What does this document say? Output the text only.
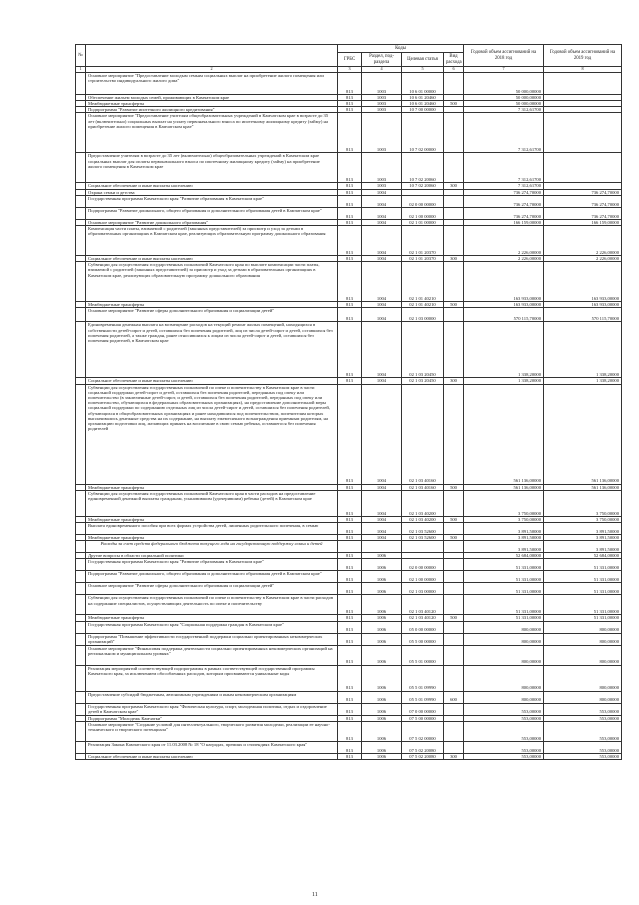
№		Коды				Годовой объем ассигнований на 2018 год	Годовой объем ассигнований на 2019 год
		ГРБС	Раздел, под-раздела	Целевая статья	Вид расхода		
1	2	3	4	5	6	7	8
	Основное мероприятие "Предоставление молодым семьям социальных выплат на приобретение жилого помещения или строительство индивидуального жилого дома"	813	1003	10 6 01 00000		50 000,00000	
	Обеспечение жильем молодых семей, проживающих в Камчатском крае	813	1003	10 6 01 20460		50 000,00000	
	Межбюджетные трансферты	813	1003	10 6 01 20460	500	50 000,00000	
	Подпрограмма "Развитие ипотечного жилищного кредитования"	813	1003	10 7 00 00000		7 312,61700	
	Основное мероприятие "Предоставление учителям общеобразовательных учреждений в Камчатском крае в возрасте до 35 лет (включительно) социальных выплат на уплату первоначального взноса по ипотечному жилищному кредиту (займу) на приобретение жилого помещения в Камчатском крае"	813	1003	10 7 02 00000		7 312,61700	
	Предоставление учителям в возрасте до 35 лет (включительно) общеобразовательных учреждений в Камчатском крае социальных выплат для оплаты первоначального взноса по ипотечному жилищному кредиту (займу) на приобретение жилого помещения в Камчатском крае	813	1003	10 7 02 20060		7 312,61700	
	Социальное обеспечение и иные выплаты населению	813	1003	10 7 02 20060	300	7 312,61700	
	Охрана семьи и детства	813	1004			736 274,70000	736 274,70000
	Государственная программа Камчатского края "Развитие образования в Камчатском крае"	813	1004	02 0 00 00000		736 274,70000	736 274,70000
	Подпрограмма "Развитие дошкольного, общего образования и дополнительного образования детей в Камчатском крае"	813	1004	02 1 00 00000		736 274,70000	736 274,70000
	Основное мероприятие "Развитие дошкольного образования"	813	1004	02 1 01 00000		166 159,00000	166 159,00000
	Компенсация части платы, взимаемой с родителей (законных представителей) за присмотр и уход за детьми в образовательных организациях в Камчатском крае, реализующих образовательную программу дошкольного образования	813	1004	02 1 01 20370		2 226,00000	2 226,00000
	Социальное обеспечение и иные выплаты населению	813	1004	02 1 01 20370	300	2 226,00000	2 226,00000
	Субвенции для осуществления государственных полномочий Камчатского края по выплате компенсации части платы, взимаемой с родителей (законных представителей) за присмотр и уход за детьми в образовательных организациях в Камчатском крае, реализующих образовательную программу дошкольного образования	813	1004	02 1 01 40210		163 933,00000	163 933,00000
	Межбюджетные трансферты	813	1004	02 1 01 40210	500	163 933,00000	163 933,00000
	Основное мероприятие "Развитие сферы дополнительного образования и социализации детей"	813	1004	02 1 03 00000		570 115,70000	570 115,70000
	Единовременная денежная выплата на возмещение расходов на текущий ремонт жилых помещений, находящихся в собственности детей-сирот и детей, оставшихся без попечения родителей, лиц из числа детей-сирот и детей, оставшихся без попечения родителей, а также граждан, ранее относившихся к лицам из числа детей-сирот и детей, оставшихся без попечения родителей, в Камчатском крае	813	1004	02 1 03 20450		1 338,20000	1 338,20000
	Социальное обеспечение и иные выплаты населению	813	1004	02 1 03 20450	300	1 338,20000	1 338,20000
	Субвенции для осуществления государственных полномочий по опеке и попечительству в Камчатском крае в части социальной поддержки детей-сирот и детей, оставшихся без попечения родителей, переданных под опеку или попечительство (в заключенные детей-сирот, и детей, оставшихся без попечения родителей, переданных под опеку или попечительство, обучающихся в федеральных образовательных организациях), на предоставление дополнительной меры социальной поддержки по содержанию отдельных лиц из числа детей-сирот и детей, оставшихся без попечения родителей, обучающихся в общеобразовательных организациях и ранее находившихся под попечительством, попечителям которых выплачивались денежные средства на их содержание, на выплату ежемесячного вознаграждения приемным родителям, на организацию подготовки лиц, желающих принять на воспитание в свою семью ребенка, оставшегося без попечения родителей	813	1004	02 1 03 40160		561 136,00000	561 136,00000
	Межбюджетные трансферты	813	1004	02 1 03 40160	500	561 136,00000	561 136,00000
	Субвенции для осуществления государственных полномочий Камчатского края в части расходов на предоставление единовременной денежной выплаты гражданам, усыновившим (удочерившим) ребенка (детей) в Камчатском крае	813	1004	02 1 03 40200		3 750,00000	3 750,00000
	Межбюджетные трансферты	813	1004	02 1 03 40200	500	3 750,00000	3 750,00000
	Выплата единовременного пособия при всех формах устройства детей, лишенных родительского попечения, в семью	813	1004	02 1 03 52600		3 891,50000	3 891,50000
	Межбюджетные трансферты	813	1004	02 1 03 52600	500	3 891,50000	3 891,50000
	Расходы за счет средств федерального бюджета текущего года на государственную поддержку семьи и детей					3 891,50000	3 891,50000
	Другие вопросы в области социальной политики	813	1006			52 684,00000	52 684,00000
	Государственная программа Камчатского края "Развитие образования в Камчатском крае"	813	1006	02 0 00 00000		51 331,00000	51 331,00000
	Подпрограмма "Развитие дошкольного, общего образования и дополнительного образования детей в Камчатском крае"	813	1006	02 1 00 00000		51 331,00000	51 331,00000
	Основное мероприятие "Развитие сферы дополнительного образования и социализации детей"	813	1006	02 1 03 00000		51 331,00000	51 331,00000
	Субвенции для осуществления государственных полномочий по опеке и попечительству в Камчатском крае в части расходов на содержание специалистов, осуществляющих деятельность по опеке и попечительству	813	1006	02 1 03 40120		51 331,00000	51 331,00000
	Межбюджетные трансферты	813	1006	02 1 03 40120	500	51 331,00000	51 331,00000
	Государственная программа Камчатского края "Социальная поддержка граждан в Камчатском крае"	813	1006	05 0 00 00000		800,00000	800,00000
	Подпрограмма "Повышение эффективности государственной поддержки социально ориентированных некоммерческих организаций"	813	1006	05 5 00 00000		800,00000	800,00000
	Основное мероприятие "Финансовая поддержка деятельности социально ориентированных некоммерческих организаций на региональном и муниципальном уровнях"	813	1006	05 5 01 00000		800,00000	800,00000
	Реализация мероприятий соответствующей подпрограммы в рамках соответствующей государственной программы Камчатского края, за исключением обособленных расходов, которым присваиваются уникальные коды	813	1006	05 5 01 09990		800,00000	800,00000
	Предоставление субсидий бюджетным, автономным учреждениям и иным некоммерческим организациям	813	1006	05 5 01 09990	600	800,00000	800,00000
	Государственная программа Камчатского края "Физическая культура, спорт, молодежная политика, отдых и оздоровление детей в Камчатском крае"	813	1006	07 0 00 00000		553,00000	553,00000
	Подпрограмма "Молодежь Камчатки"	813	1006	07 5 00 00000		553,00000	553,00000
	Основное мероприятие "Создание условий для интеллектуального, творческого развития молодежи, реализации ее научно-технического и творческого потенциала"	813	1006	07 5 02 00000		553,00000	553,00000
	Реализация Закона Камчатского края от 11.03.2008 № 18 "О наградах, премиях и стипендиях Камчатского края"	813	1006	07 5 02 20080		553,00000	553,00000
	Социальное обеспечение и иные выплаты населению	813	1006	07 5 02 20080	300	553,00000	553,00000
11
